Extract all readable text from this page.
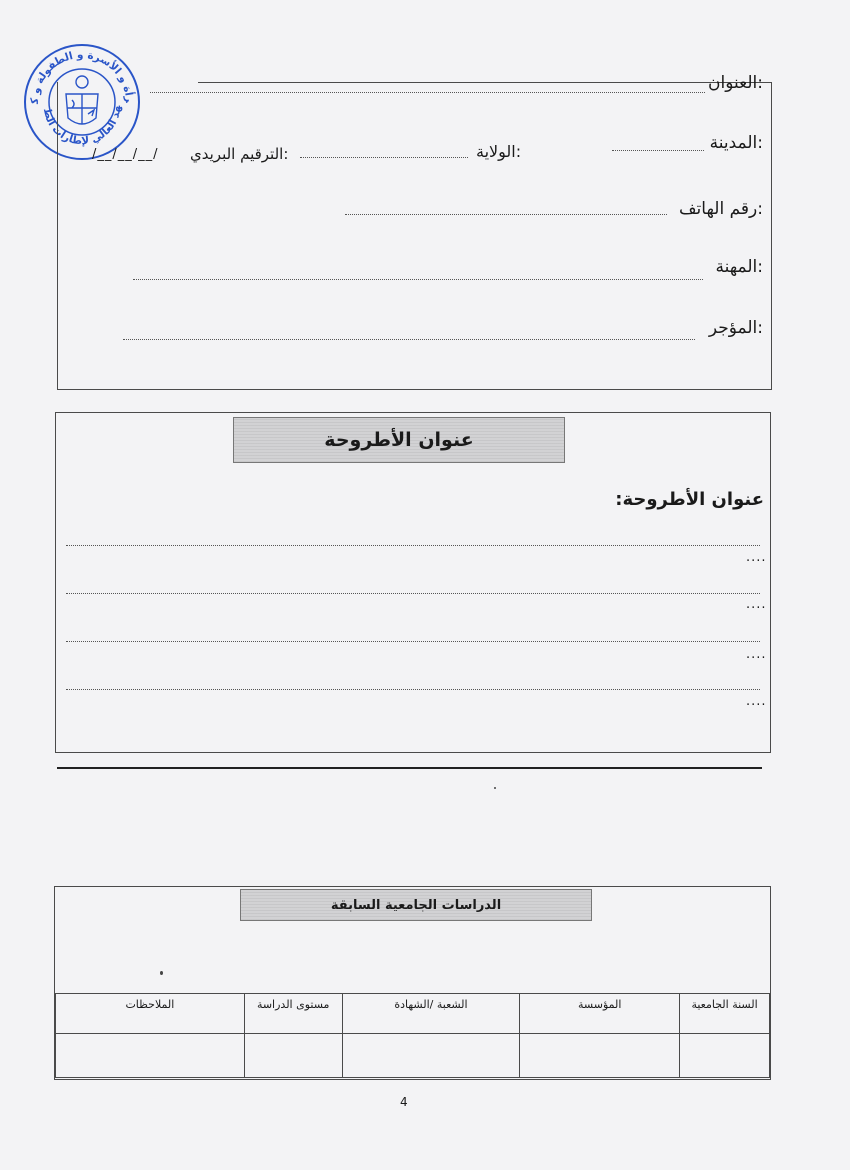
رأة و الأسرة و الطفولة و ك
هد العالي لإطارات الط
العنوان:
المدينة:
الولاية:
الترقيم البريدي:
/__/__/__/
رقم الهاتف:
المهنة:
المؤجر:
عنوان الأطروحة
عنوان الأطروحة:
....
....
....
....
الدراسات الجامعية السابقة
السنة الجامعية	المؤسسة	الشعبة /الشهادة	مستوى الدراسة	الملاحظات

4
